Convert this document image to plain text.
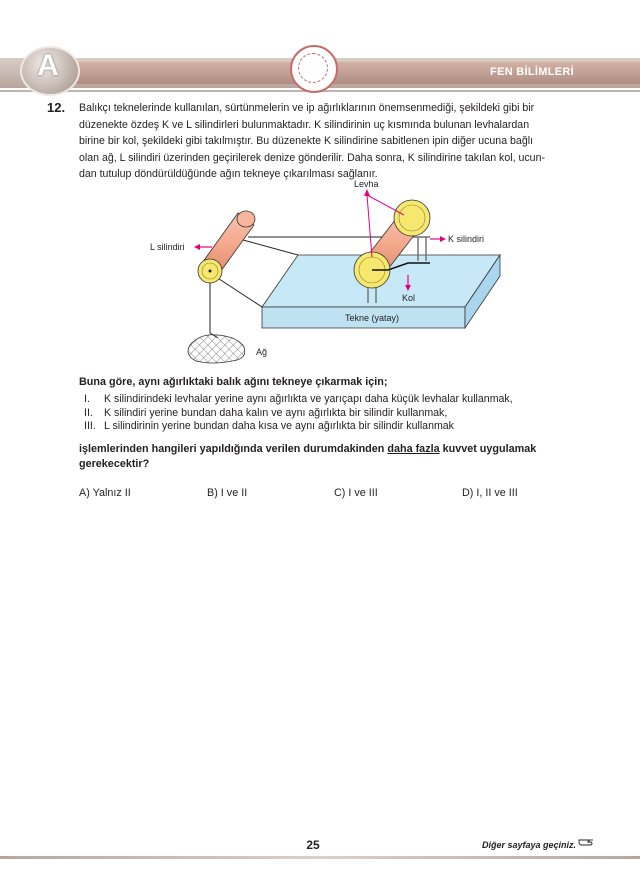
A	FEN BİLİMLERİ
12. Balıkçı teknelerinde kullanılan, sürtünmelerin ve ip ağırlıklarının önemsenmediği, şekildeki gibi bir
düzenekte özdeş K ve L silindirleri bulunmaktadır. K silindirinin uç kısmında bulunan levhalardan
birine bir kol, şekildeki gibi takılmıştır. Bu düzenekte K silindirine sabitlenen ipin diğer ucuna bağlı
olan ağ, L silindiri üzerinden geçirilerek denize gönderilir. Daha sonra, K silindirine takılan kol, ucun-
dan tutulup döndürüldüğünde ağın tekneye çıkarılması sağlanır.
Levha
K silindiri
L silindiri
Kol
Tekne (yatay)
Ağ
Buna göre, aynı ağırlıktaki balık ağını tekneye çıkarmak için;
I. K silindirindeki levhalar yerine aynı ağırlıkta ve yarıçapı daha küçük levhalar kullanmak,
II. K silindiri yerine bundan daha kalın ve aynı ağırlıkta bir silindir kullanmak,
III. L silindirinin yerine bundan daha kısa ve aynı ağırlıkta bir silindir kullanmak
işlemlerinden hangileri yapıldığında verilen durumdakinden daha fazla kuvvet uygulamak gerekecektir?
A) Yalnız II	B) I ve II	C) I ve III	D) I, II ve III
25	Diğer sayfaya geçiniz.
